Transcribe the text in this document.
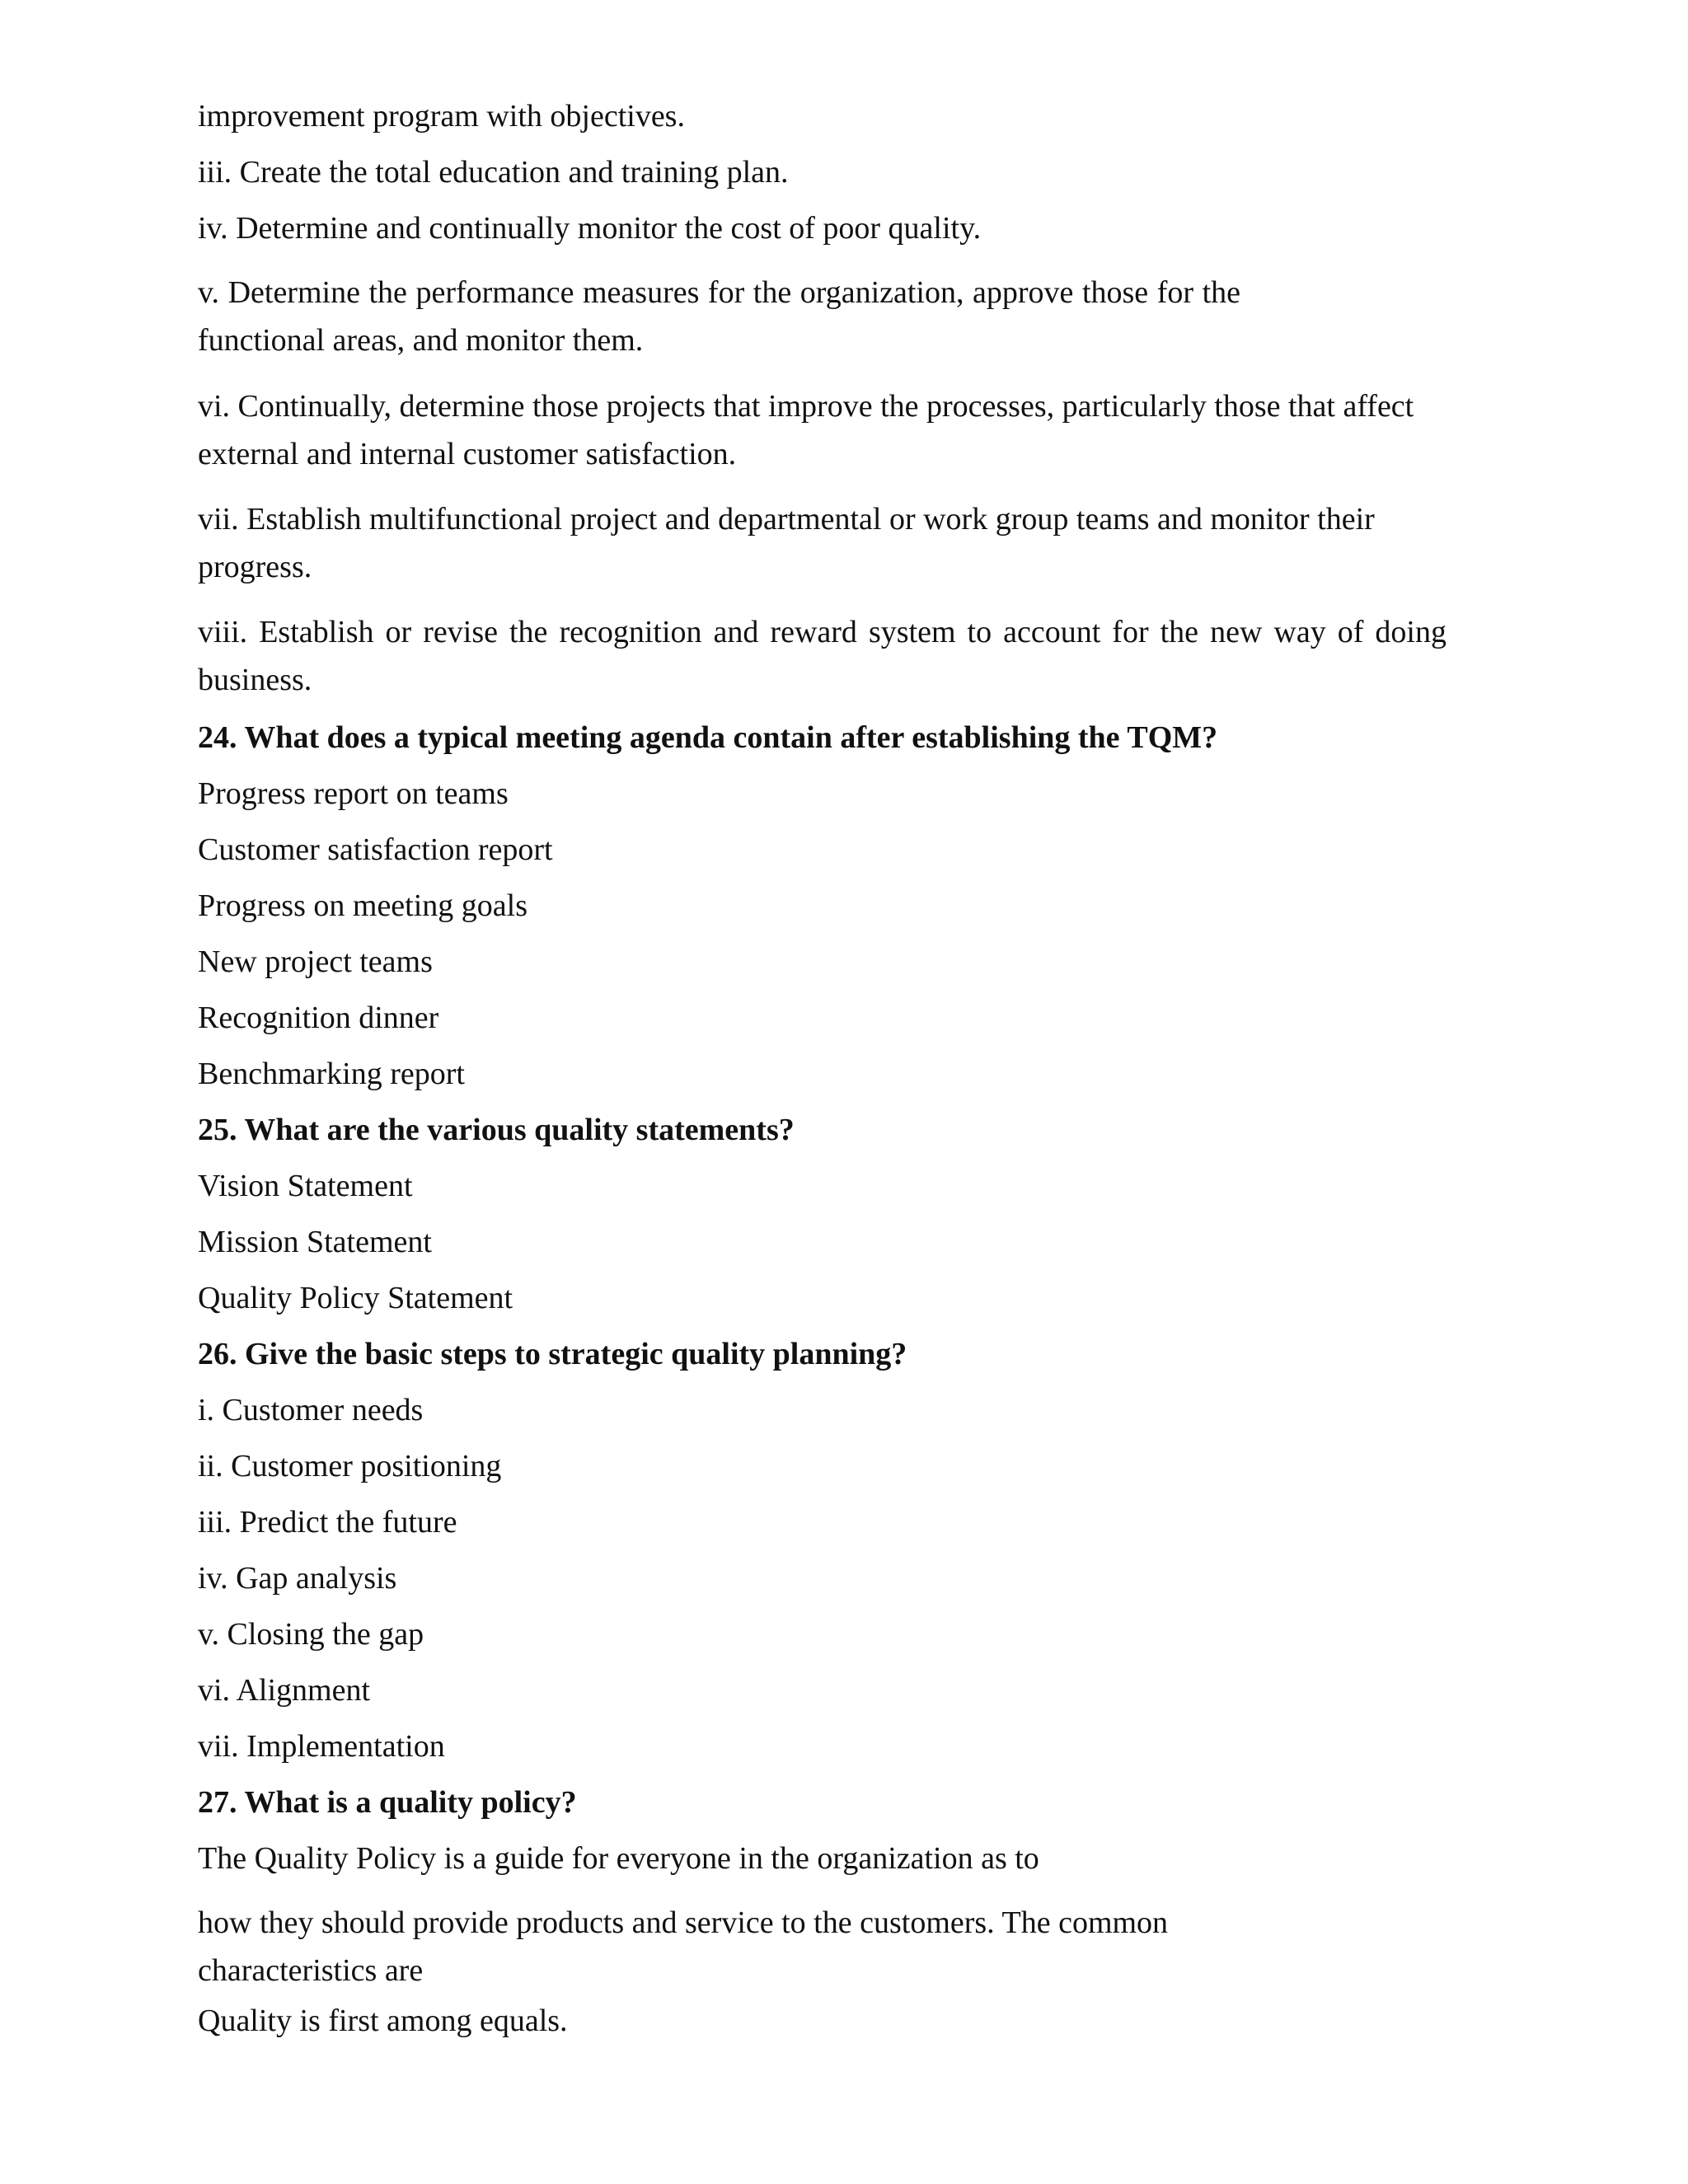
improvement program with objectives.
iii. Create the total education and training plan.
iv. Determine and continually monitor the cost of poor quality.
v. Determine the performance measures for the organization, approve those for the functional areas, and monitor them.
vi. Continually, determine those projects that improve the processes, particularly those that affect external and internal customer satisfaction.
vii. Establish multifunctional project and departmental or work group teams and monitor their progress.
viii. Establish or revise the recognition and reward system to account for the new way of doing business.
24. What does a typical meeting agenda contain after establishing the TQM?
Progress report on teams
Customer satisfaction report
Progress on meeting goals
New project teams
Recognition dinner
Benchmarking report
25. What are the various quality statements?
Vision Statement
Mission Statement
Quality Policy Statement
26. Give the basic steps to strategic quality planning?
i. Customer needs
ii. Customer positioning
iii. Predict the future
iv. Gap analysis
v. Closing the gap
vi. Alignment
vii. Implementation
27. What is a quality policy?
The Quality Policy is a guide for everyone in the organization as to
how they should provide products and service to the customers. The common characteristics are
Quality is first among equals.
